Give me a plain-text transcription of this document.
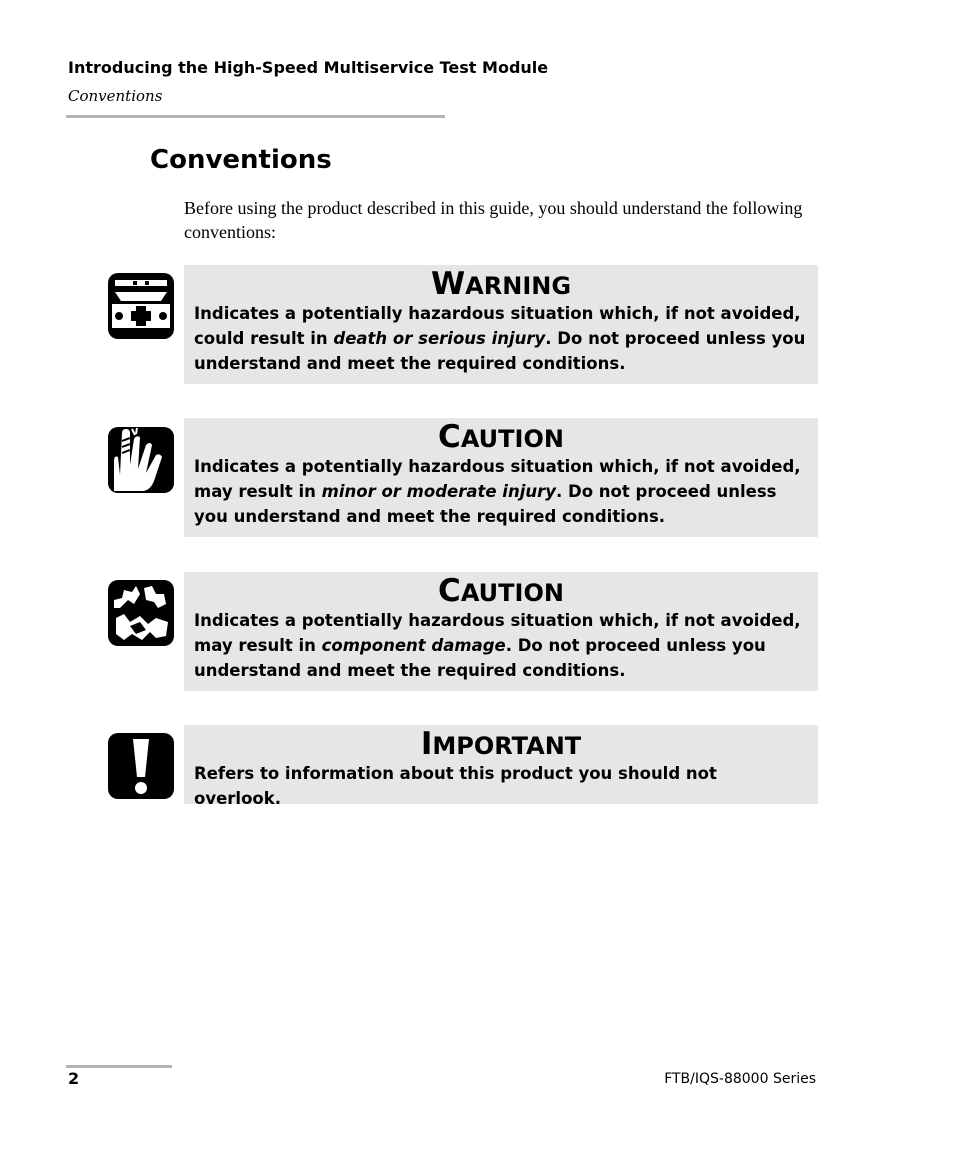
Introducing the High-Speed Multiservice Test Module
Conventions
Conventions
Before using the product described in this guide, you should understand the following conventions:
WARNING
Indicates a potentially hazardous situation which, if not avoided, could result in death or serious injury. Do not proceed unless you understand and meet the required conditions.
CAUTION
Indicates a potentially hazardous situation which, if not avoided, may result in minor or moderate injury. Do not proceed unless you understand and meet the required conditions.
CAUTION
Indicates a potentially hazardous situation which, if not avoided, may result in component damage. Do not proceed unless you understand and meet the required conditions.
IMPORTANT
Refers to information about this product you should not overlook.
2	FTB/IQS-88000 Series
